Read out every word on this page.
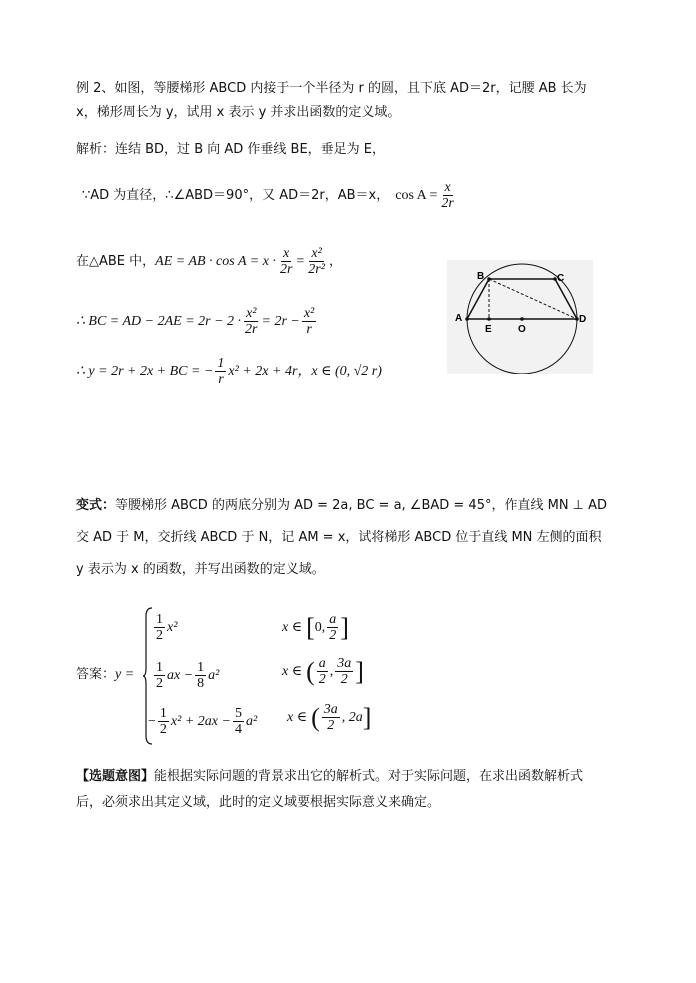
例 2、如图，等腰梯形 ABCD 内接于一个半径为 r 的圆，且下底 AD＝2r，记腰 AB 长为
x，梯形周长为 y，试用 x 表示 y 并求出函数的定义域。
解析：连结 BD，过 B 向 AD 作垂线 BE，垂足为 E，
∵AD 为直径，∴∠ABD＝90°，又 AD＝2r，AB＝x， $\cos A = \frac{x}{2r}$
在△ABE 中， AE = AB · $\cos A = x \cdot \frac{x}{2r} = \frac{\text{x²}}{\text{2r²}}$ ，
∴ BC = AD − $2AE = 2r - 2 \cdot \frac{\text{x²}}{2r} = 2r - \frac{\text{x²}}{r}$
∴ y = 2r + 2x + BC = − $\frac{1}{r} x^2 + 2x + 4r$，x ∈ (0, √2 r)
B	C
A	D
E	O
变式：等腰梯形 ABCD 的两底分别为 AD = 2a, BC = a, ∠BAD = 45°，作直线 MN ⊥ AD
交 AD 于 M，交折线 ABCD 于 N，记 AM = x，试将梯形 ABCD 位于直线 MN 左侧的面积
y 表示为 x 的函数，并写出函数的定义域。
答案：y =
$\frac{1}{2} x^2$	x ∈ [ 0, $\frac{a}{2}$ ]
$\frac{1}{2}$ ax − $\frac{1}{8} a^2$	x ∈ ( $\frac{a}{2}$ , $\frac{3a}{2}$ ]
− $\frac{1}{2} x^2 + 2ax - \frac{5}{4} a^2$ x ∈ ( $\frac{3a}{2}$ , 2a ]
【选题意图】能根据实际问题的背景求出它的解析式。对于实际问题，在求出函数解析式
后，必须求出其定义域，此时的定义域要根据实际意义来确定。
